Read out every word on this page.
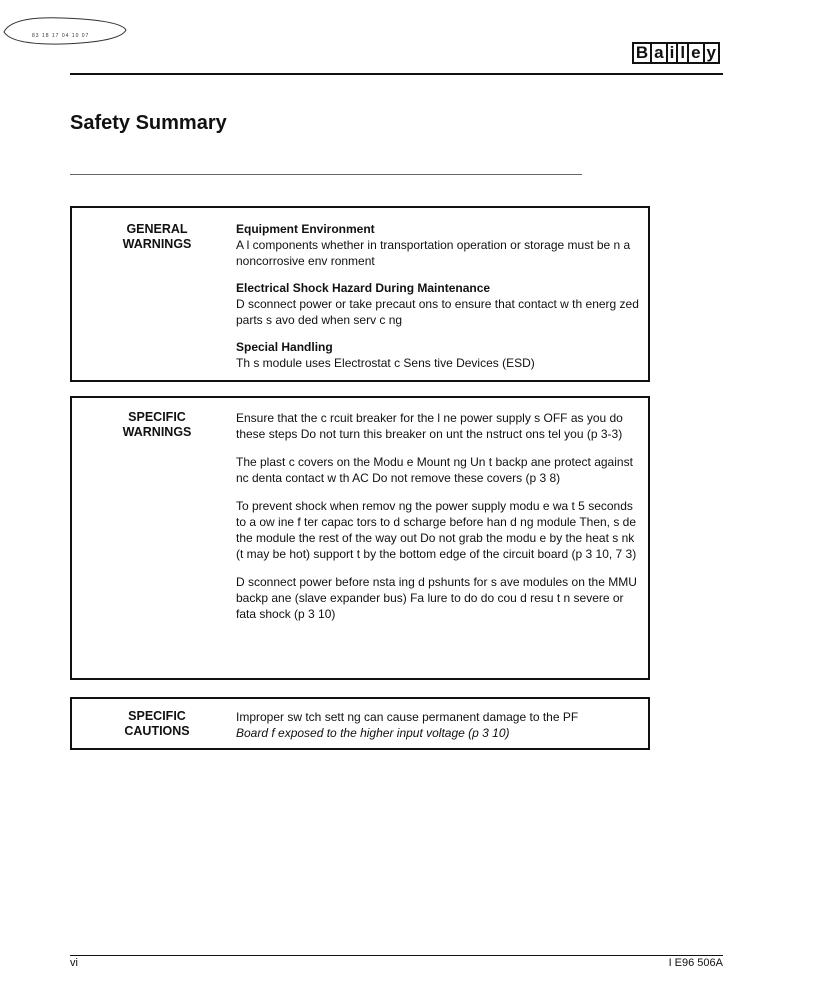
83 18 17 04 10 07
B a i l e y
Safety Summary
GENERAL
WARNINGS
Equipment Environment

A l components whether in transportation operation or storage must be n a noncorrosive env ronment

Electrical Shock Hazard During Maintenance

D sconnect power or take precaut ons to ensure that contact w th energ zed parts s avo ded when serv c ng

Special Handling

Th s module uses Electrostat c Sens tive Devices (ESD)

SPECIFIC
WARNINGS

Ensure that the c rcuit breaker for the l ne power supply s OFF as you do these steps Do not turn this breaker on unt the nstruct ons tel you (p 3-3)

The plast c covers on the Modu e Mount ng Un t backp ane protect against nc denta contact w th AC Do not remove these covers (p 3 8)

To prevent shock when remov ng the power supply modu e wa t 5 seconds to a ow ine f ter capac tors to d scharge before han d ng module Then, s de the module the rest of the way out Do not grab the modu e by the heat s nk (t may be hot) support t by the bottom edge of the circuit board (p 3 10, 7 3)

D sconnect power before nsta ing d pshunts for s ave modules on the MMU backp ane (slave expander bus) Fa lure to do do cou d resu t n severe or fata shock (p 3 10)

SPECIFIC
CAUTIONS
Improper sw tch sett ng can cause permanent damage to the PF
Board f exposed to the higher input voltage (p 3 10)
vi	I E96 506A
